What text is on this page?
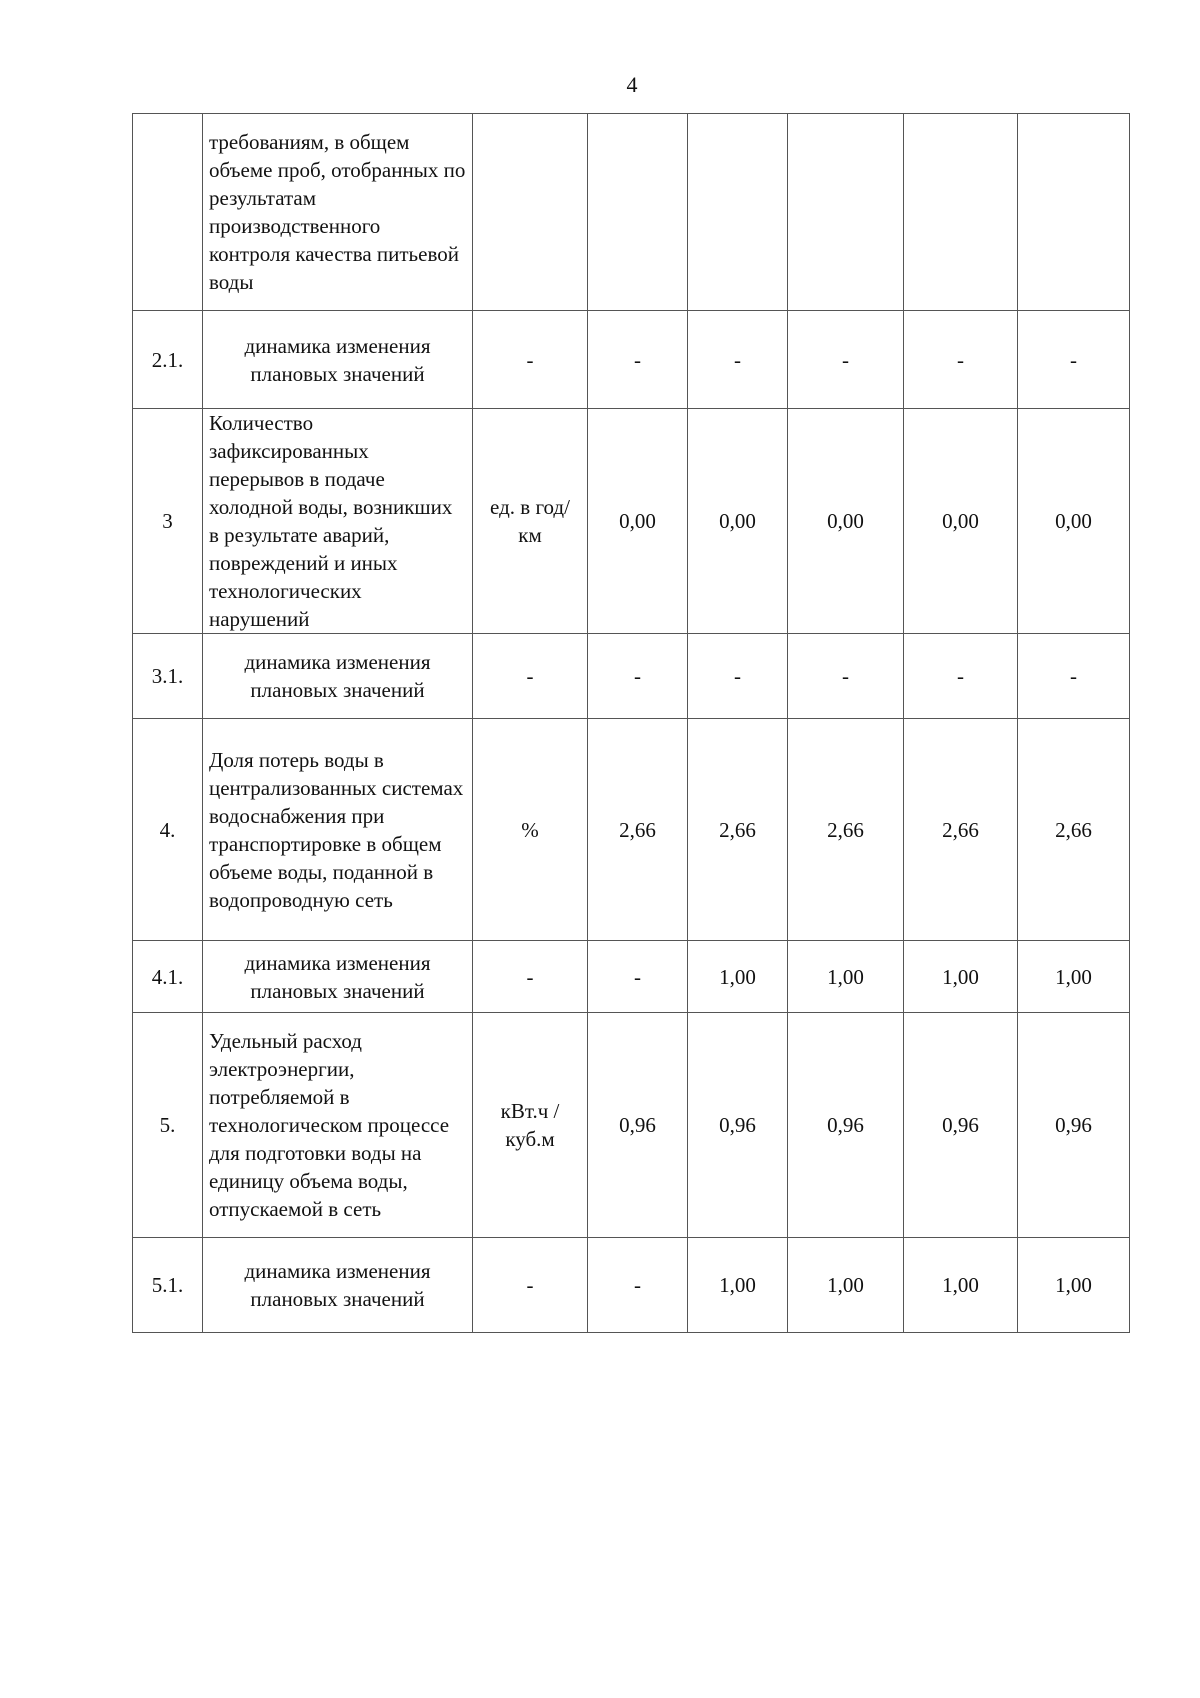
4
	требованиям, в общем объеме проб, отобранных по результатам производственного контроля качества питьевой воды						
2.1.	динамика изменения плановых значений	-	-	-	-	-	-
3	Количество зафиксированных перерывов в подаче холодной воды, возникших в результате аварий, повреждений и иных технологических нарушений	ед. в год/ км	0,00	0,00	0,00	0,00	0,00
3.1.	динамика изменения плановых значений	-	-	-	-	-	-
4.	Доля потерь воды в централизованных системах водоснабжения при транспортировке в общем объеме воды, поданной в водопроводную сеть	%	2,66	2,66	2,66	2,66	2,66
4.1.	динамика изменения плановых значений	-	-	1,00	1,00	1,00	1,00
5.	Удельный расход электроэнергии, потребляемой в технологическом процессе для подготовки воды на единицу объема воды, отпускаемой в сеть	кВт.ч / куб.м	0,96	0,96	0,96	0,96	0,96
5.1.	динамика изменения плановых значений	-	-	1,00	1,00	1,00	1,00
